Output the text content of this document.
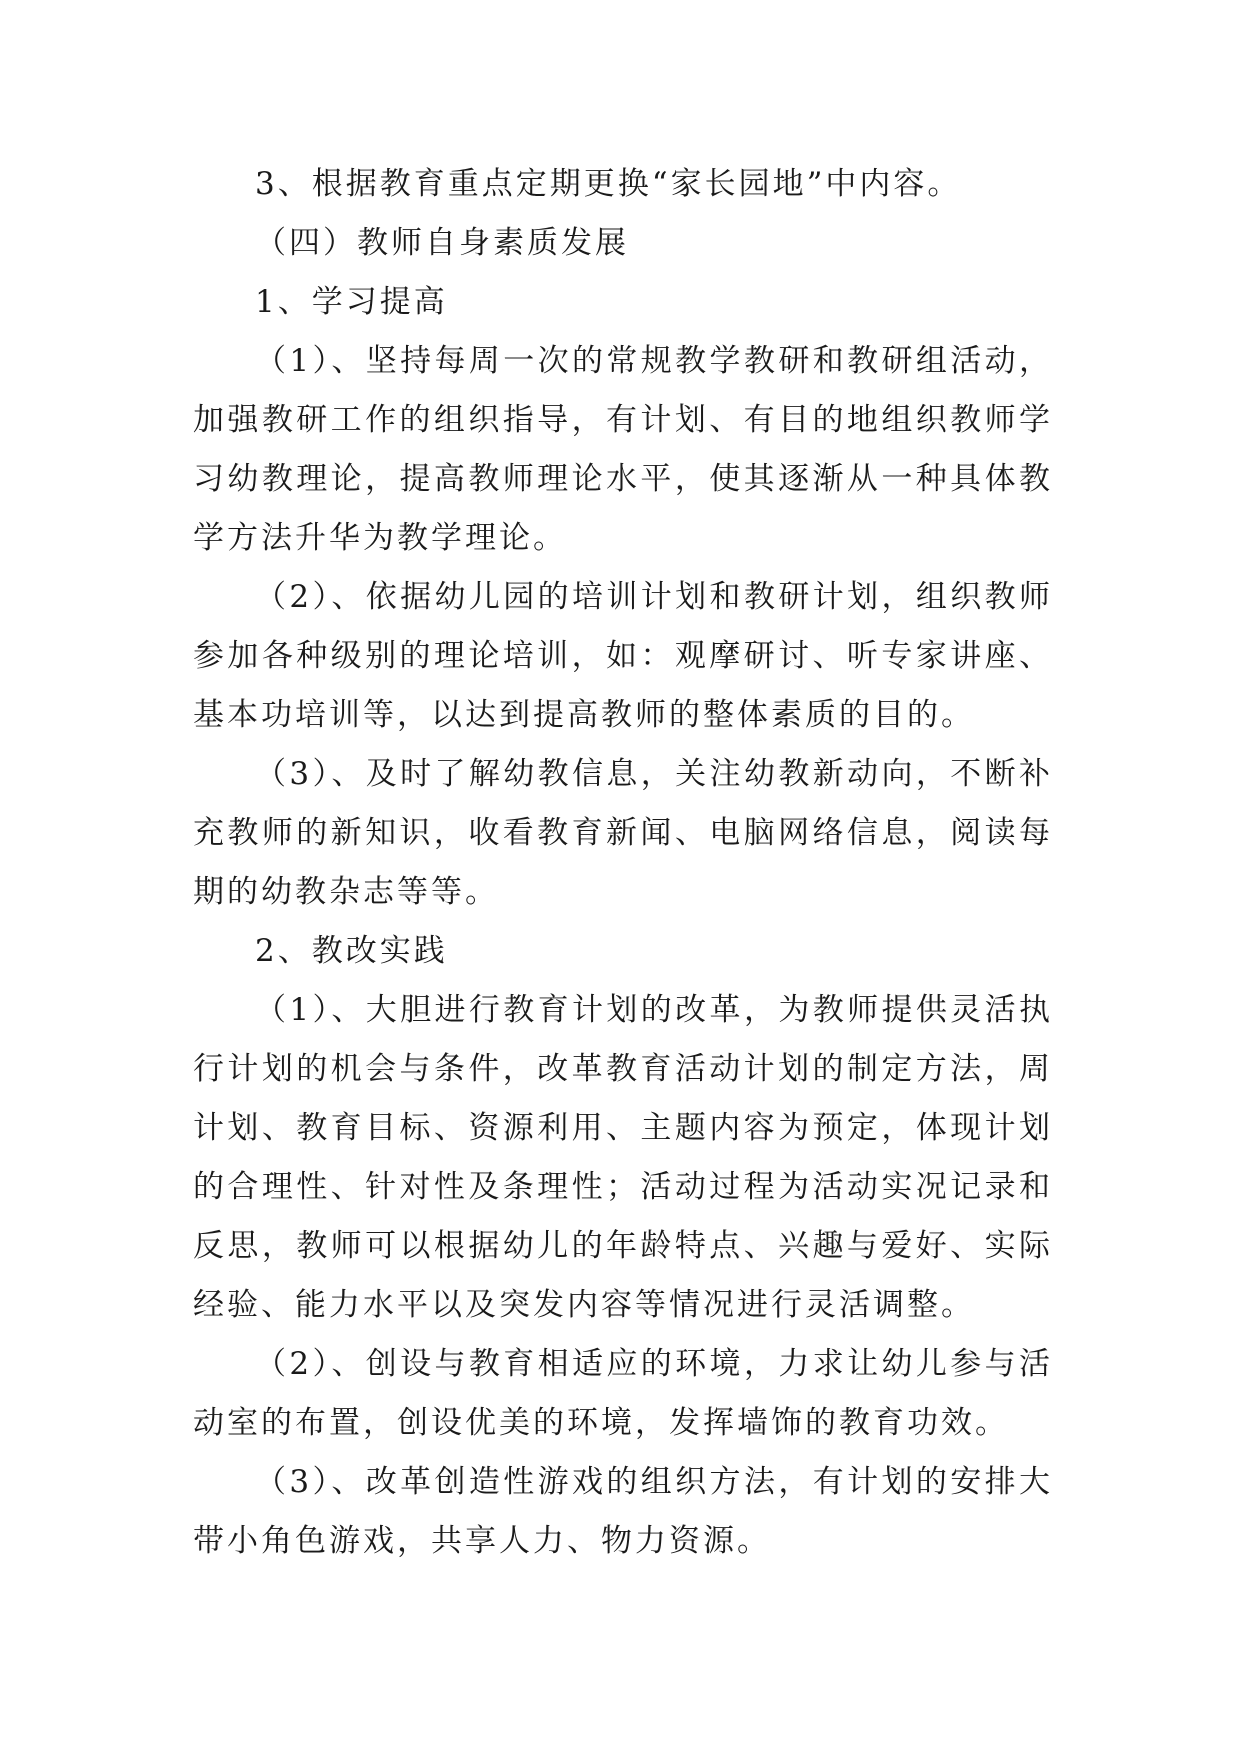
3、根据教育重点定期更换“家长园地”中内容。

（四）教师自身素质发展

1、学习提高

（1）、坚持每周一次的常规教学教研和教研组活动，加强教研工作的组织指导，有计划、有目的地组织教师学习幼教理论，提高教师理论水平，使其逐渐从一种具体教学方法升华为教学理论。

（2）、依据幼儿园的培训计划和教研计划，组织教师参加各种级别的理论培训，如：观摩研讨、听专家讲座、基本功培训等，以达到提高教师的整体素质的目的。

（3）、及时了解幼教信息，关注幼教新动向，不断补充教师的新知识，收看教育新闻、电脑网络信息，阅读每期的幼教杂志等等。

2、教改实践

（1）、大胆进行教育计划的改革，为教师提供灵活执行计划的机会与条件，改革教育活动计划的制定方法，周计划、教育目标、资源利用、主题内容为预定，体现计划的合理性、针对性及条理性；活动过程为活动实况记录和反思，教师可以根据幼儿的年龄特点、兴趣与爱好、实际经验、能力水平以及突发内容等情况进行灵活调整。

（2）、创设与教育相适应的环境，力求让幼儿参与活动室的布置，创设优美的环境，发挥墙饰的教育功效。

（3）、改革创造性游戏的组织方法，有计划的安排大带小角色游戏，共享人力、物力资源。
